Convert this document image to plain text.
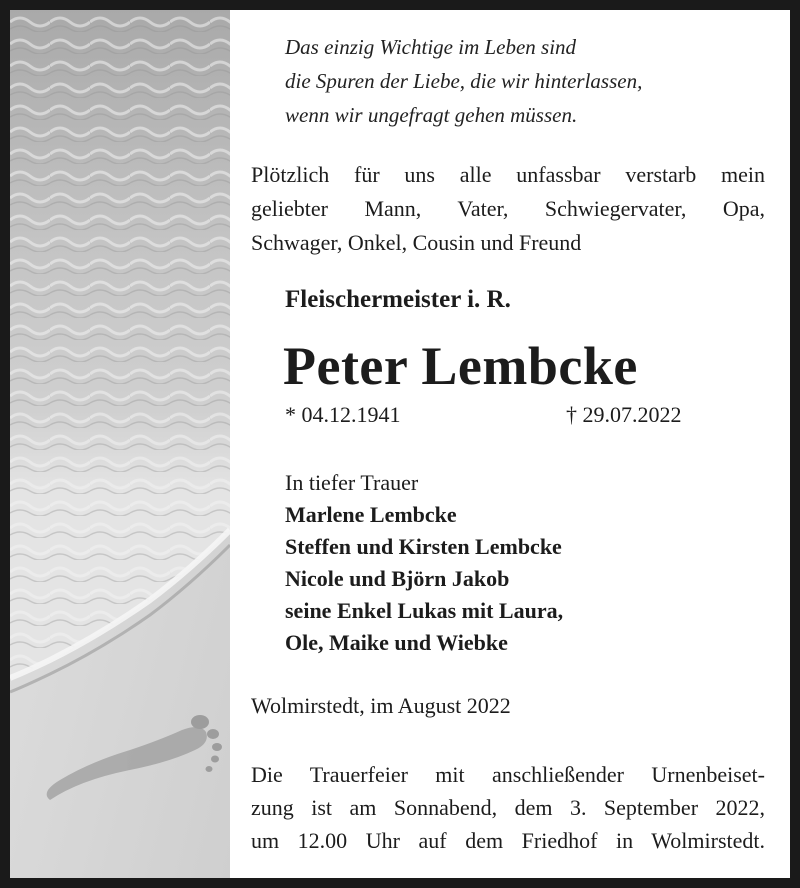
Das einzig Wichtige im Leben sind
die Spuren der Liebe, die wir hinterlassen,
wenn wir ungefragt gehen müssen.
Plötzlich für uns alle unfassbar verstarb mein
geliebter Mann, Vater, Schwiegervater, Opa,
Schwager, Onkel, Cousin und Freund
Fleischermeister i. R.
Peter Lembcke
* 04.12.1941	† 29.07.2022
In tiefer Trauer
Marlene Lembcke
Steffen und Kirsten Lembcke
Nicole und Björn Jakob
seine Enkel Lukas mit Laura,
Ole, Maike und Wiebke
Wolmirstedt, im August 2022
Die Trauerfeier mit anschließender Urnenbeiset-
zung ist am Sonnabend, dem 3. September 2022,
um 12.00 Uhr auf dem Friedhof in Wolmirstedt.
